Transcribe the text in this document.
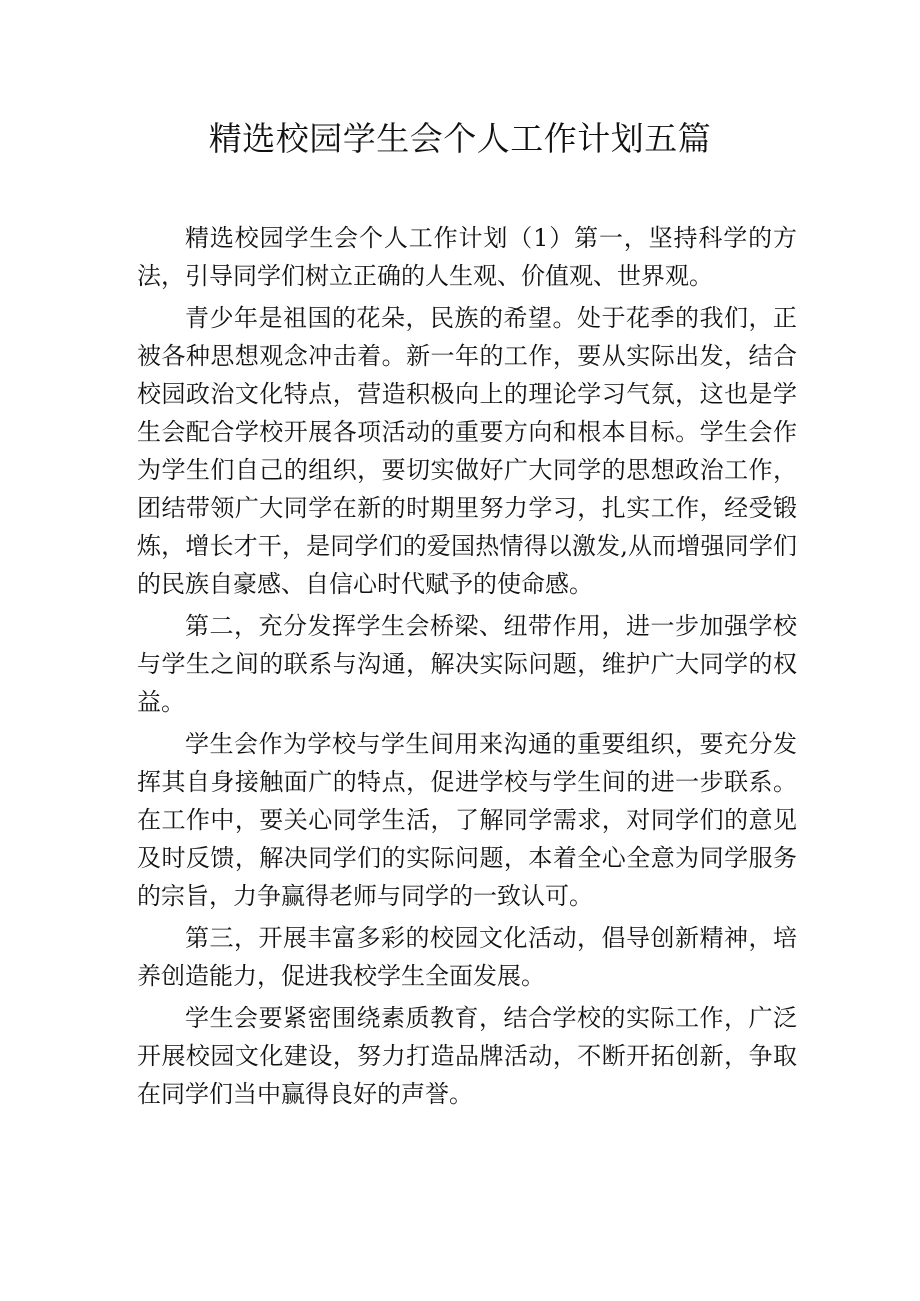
精选校园学生会个人工作计划五篇

精选校园学生会个人工作计划（1）第一，坚持科学的方法，引导同学们树立正确的人生观、价值观、世界观。

青少年是祖国的花朵，民族的希望。处于花季的我们，正被各种思想观念冲击着。新一年的工作，要从实际出发，结合校园政治文化特点，营造积极向上的理论学习气氛，这也是学生会配合学校开展各项活动的重要方向和根本目标。学生会作为学生们自己的组织，要切实做好广大同学的思想政治工作，团结带领广大同学在新的时期里努力学习，扎实工作，经受锻炼，增长才干，是同学们的爱国热情得以激发,从而增强同学们的民族自豪感、自信心时代赋予的使命感。

第二，充分发挥学生会桥梁、纽带作用，进一步加强学校与学生之间的联系与沟通，解决实际问题，维护广大同学的权益。

学生会作为学校与学生间用来沟通的重要组织，要充分发挥其自身接触面广的特点，促进学校与学生间的进一步联系。在工作中，要关心同学生活，了解同学需求，对同学们的意见及时反馈，解决同学们的实际问题，本着全心全意为同学服务的宗旨，力争赢得老师与同学的一致认可。

第三，开展丰富多彩的校园文化活动，倡导创新精神，培养创造能力，促进我校学生全面发展。

学生会要紧密围绕素质教育，结合学校的实际工作，广泛开展校园文化建设，努力打造品牌活动，不断开拓创新，争取在同学们当中赢得良好的声誉。
